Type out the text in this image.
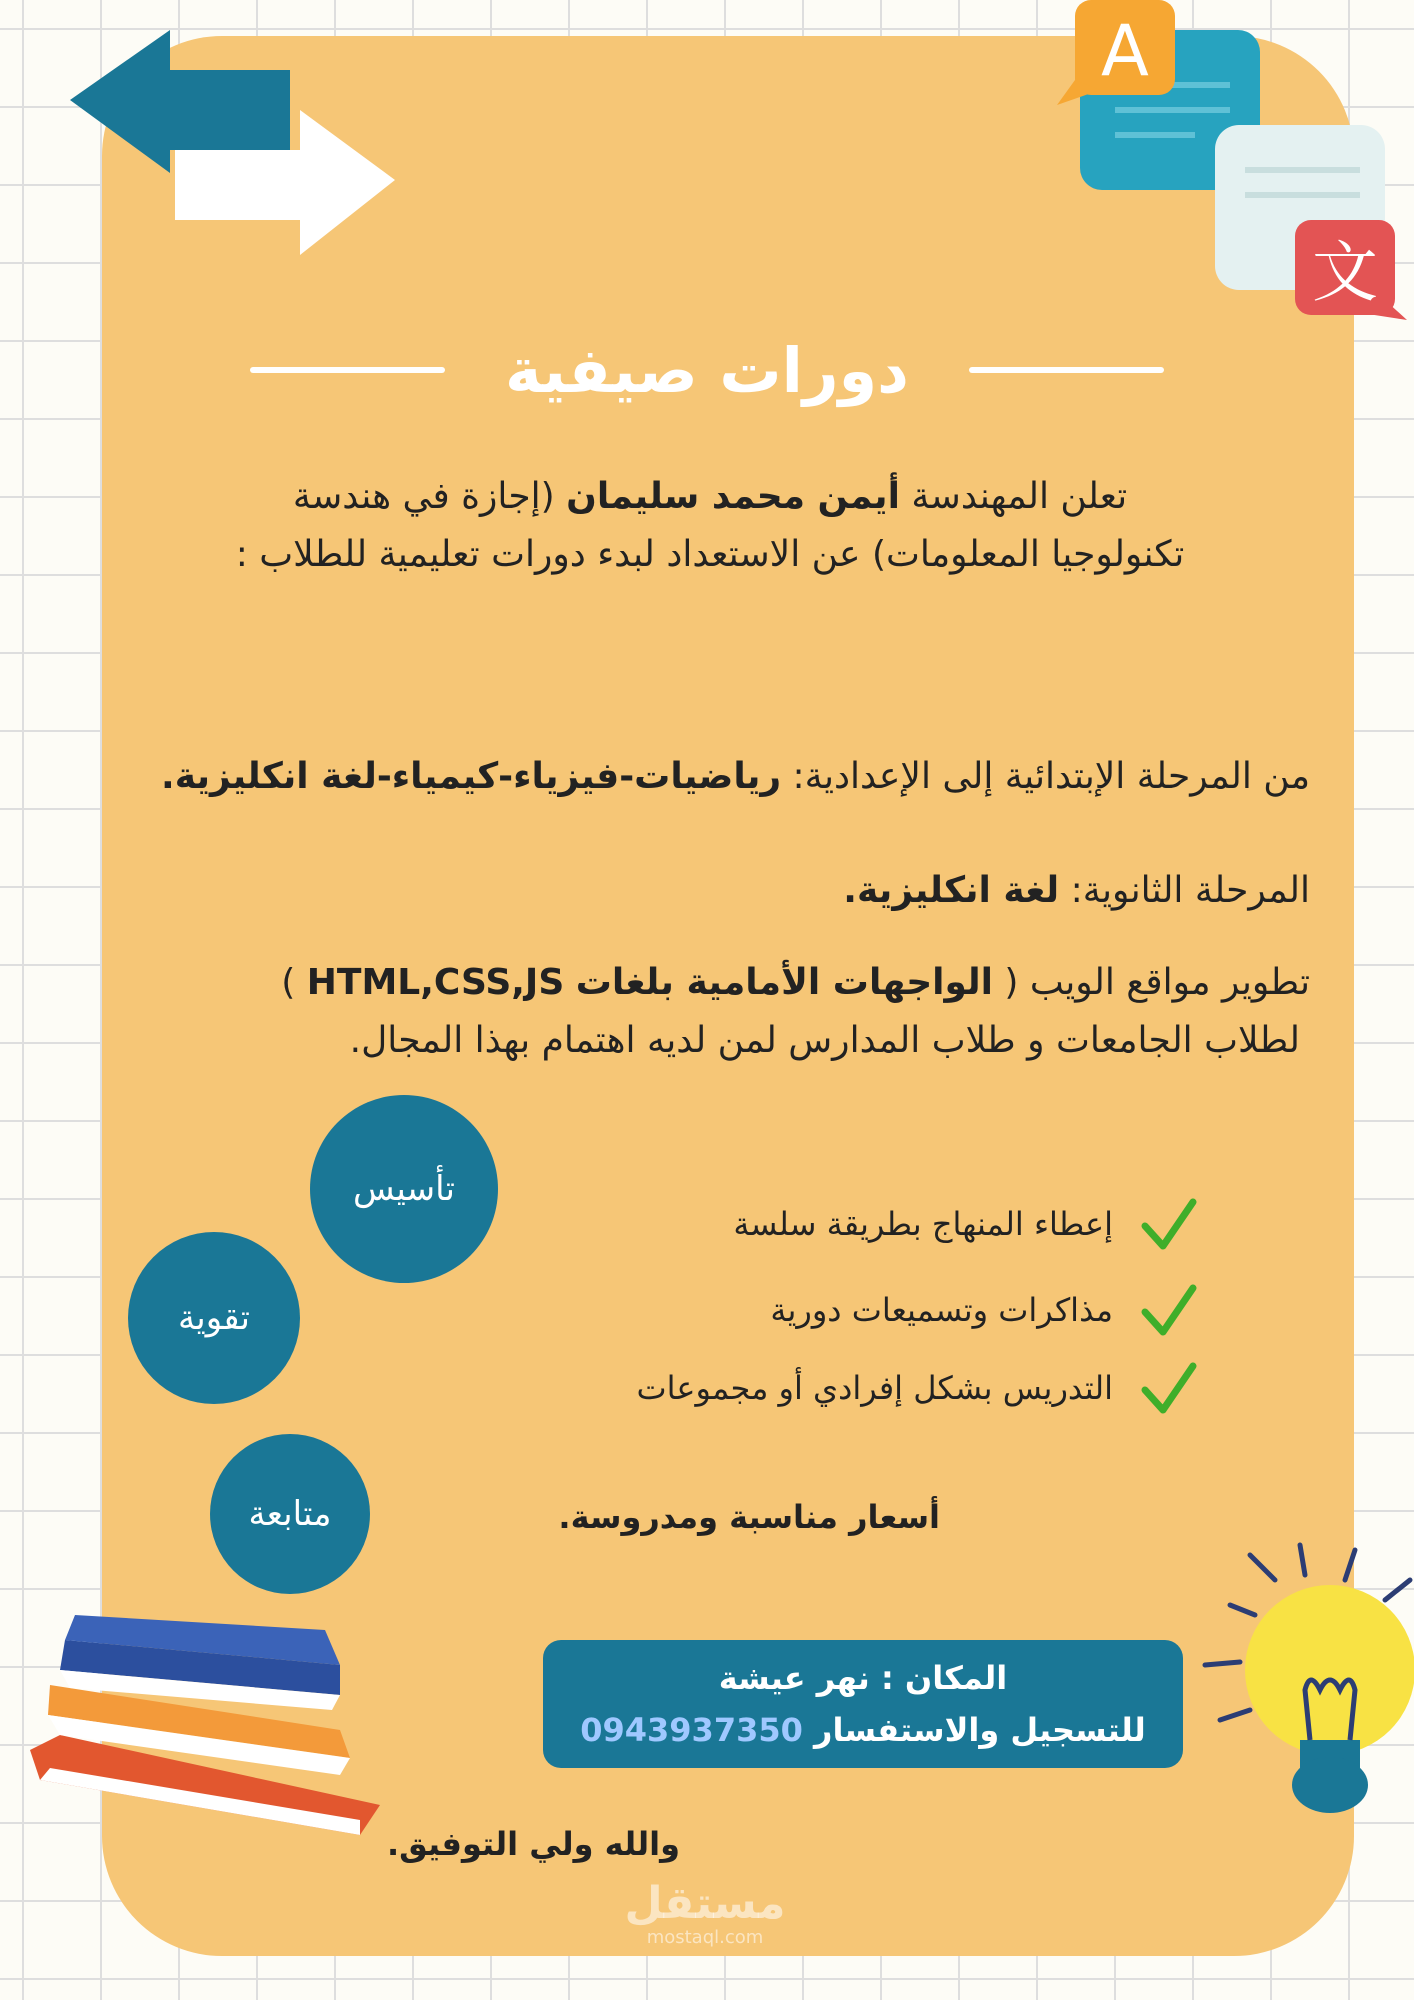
A
文
دورات صيفية
تعلن المهندسة أيمن محمد سليمان (إجازة في هندسة تكنولوجيا المعلومات) عن الاستعداد لبدء دورات تعليمية للطلاب :
من المرحلة الإبتدائية إلى الإعدادية: رياضيات-فيزياء-كيمياء-لغة انكليزية.
المرحلة الثانوية: لغة انكليزية.
تطوير مواقع الويب ( الواجهات الأمامية بلغات HTML,CSS,JS )
لطلاب الجامعات و طلاب المدارس لمن لديه اهتمام بهذا المجال.
تأسيس
تقوية
متابعة
إعطاء المنهاج بطريقة سلسة
مذاكرات وتسميعات دورية
التدريس بشكل إفرادي أو مجموعات
أسعار مناسبة ومدروسة.
المكان : نهر عيشة
للتسجيل والاستفسار 0943937350
والله ولي التوفيق.
مستقل
mostaql.com
